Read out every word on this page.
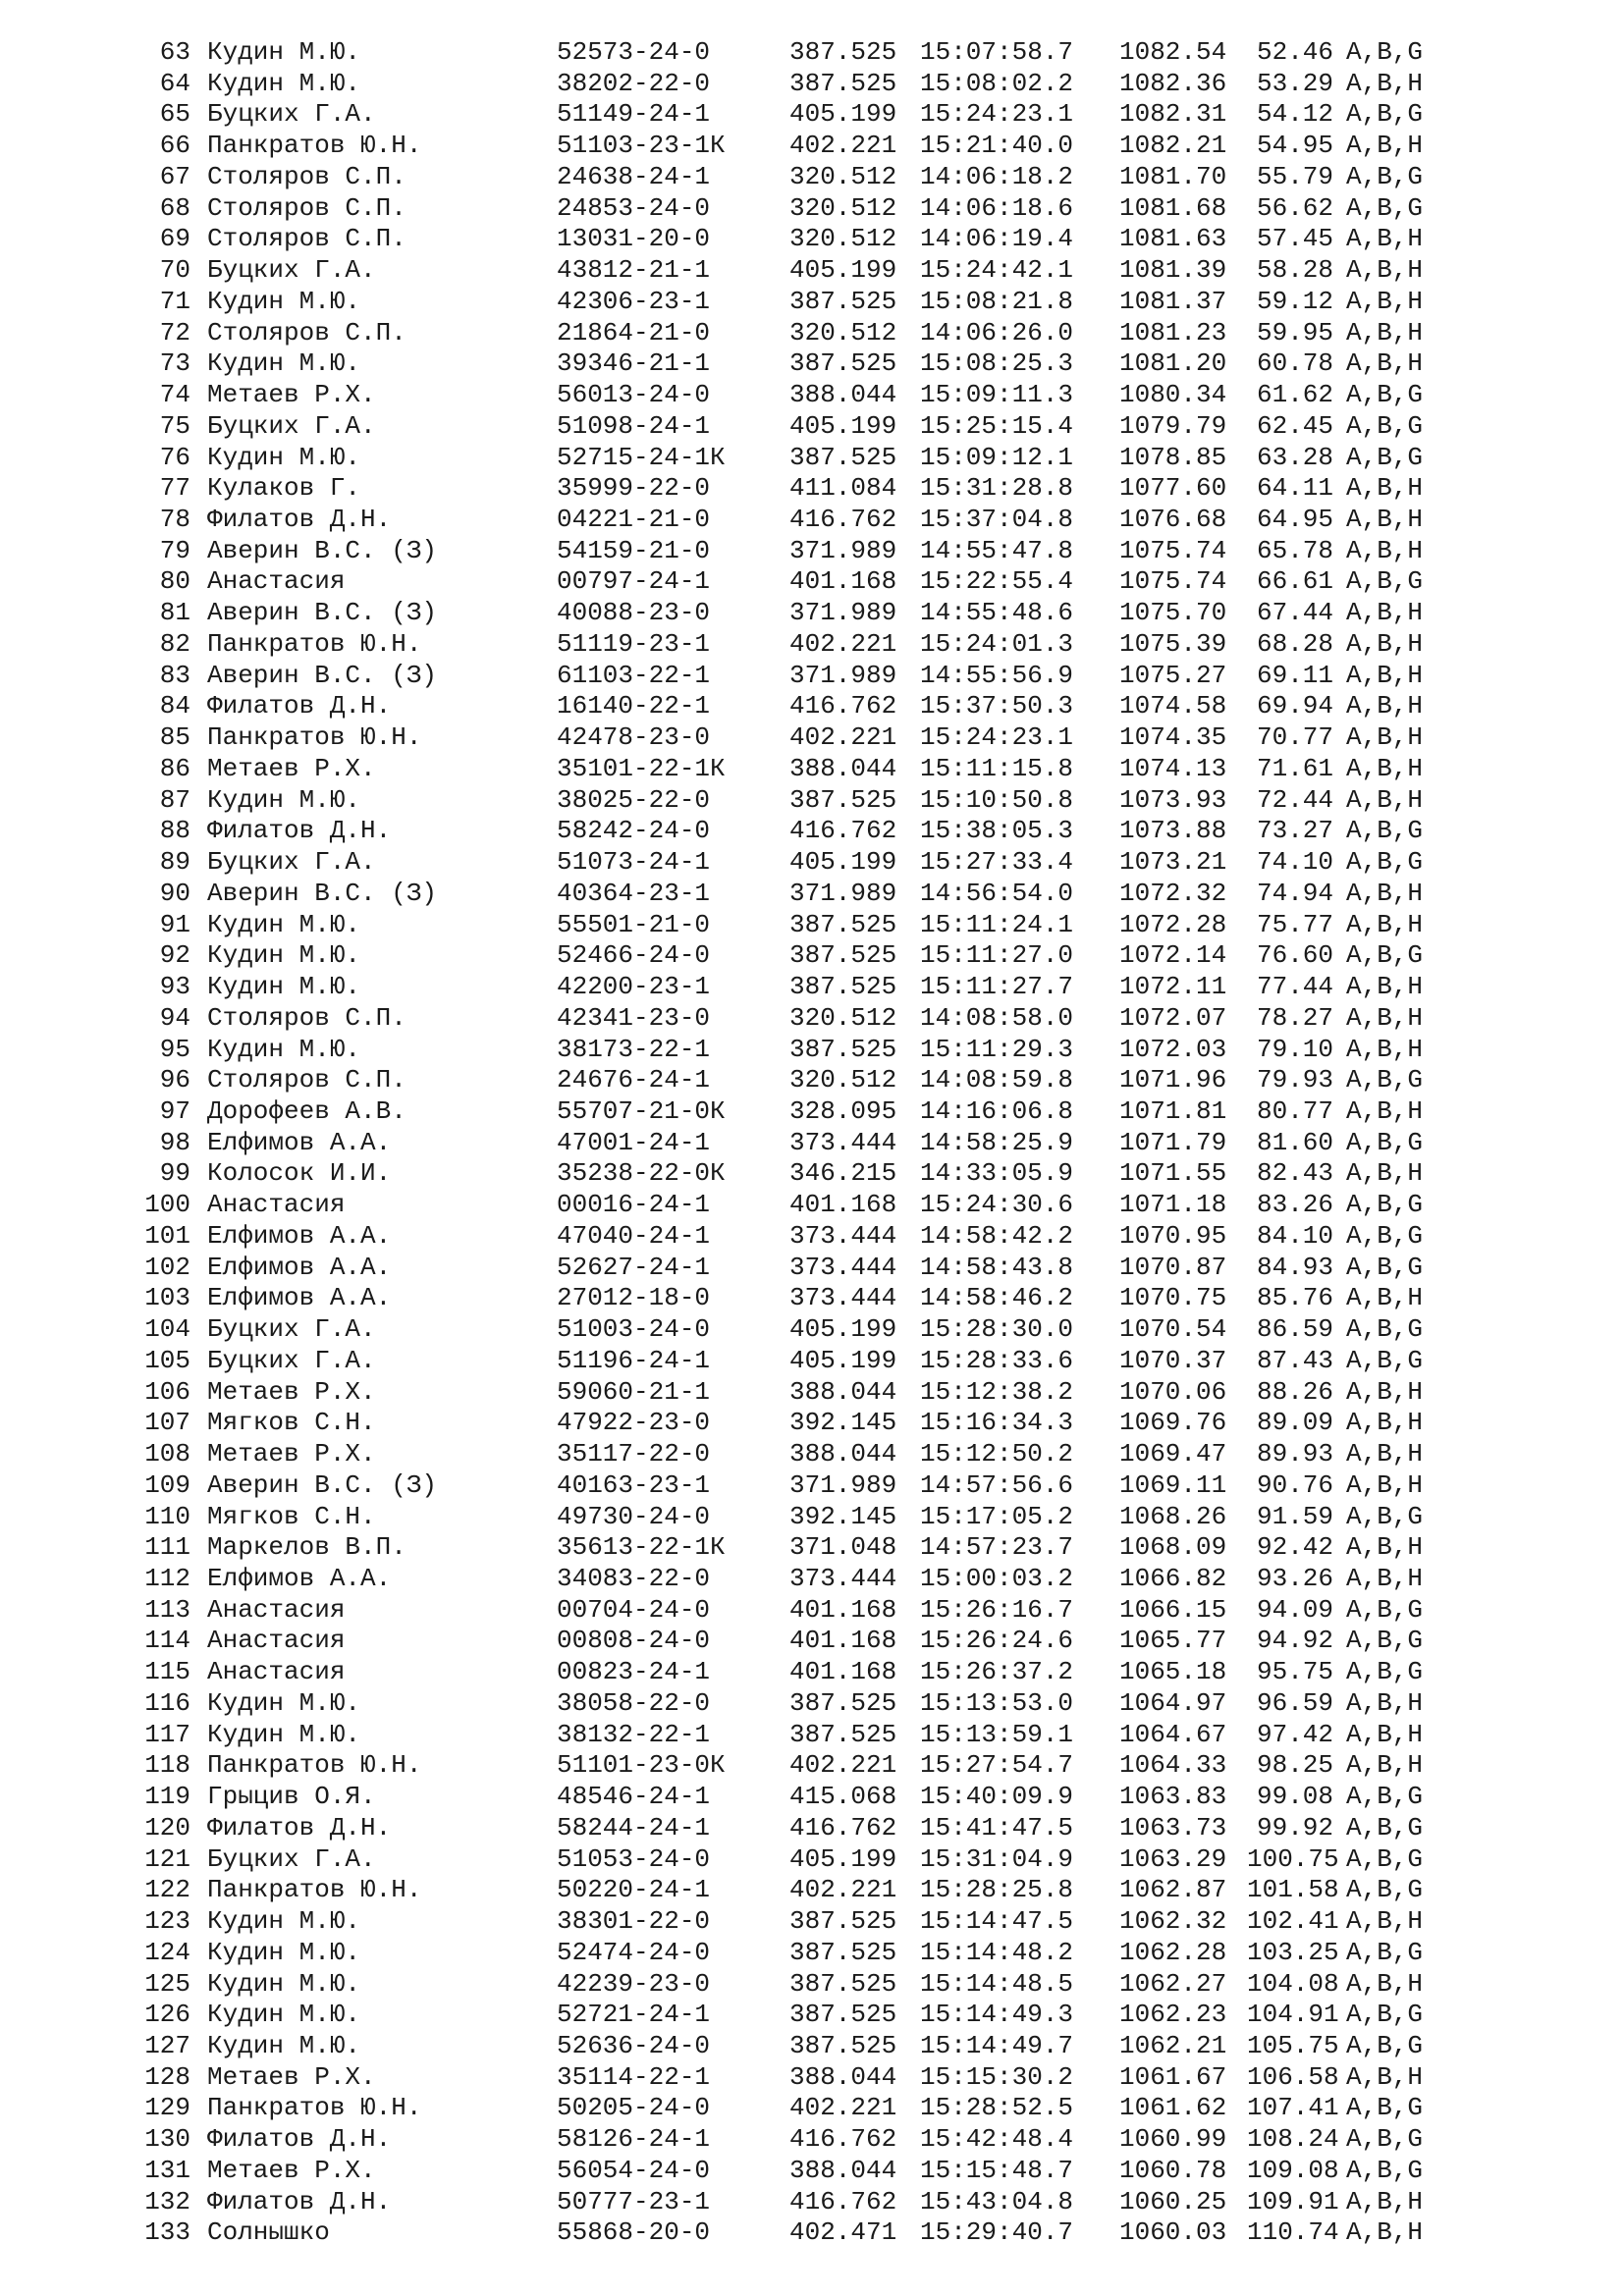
63 Кудин М.Ю.	52573-24-0	387.525 15:07:58.7 1082.54	52.46 A,B,G
64 Кудин М.Ю.	38202-22-0	387.525 15:08:02.2 1082.36	53.29 A,B,H
65 Буцких Г.А.	51149-24-1	405.199 15:24:23.1 1082.31	54.12 A,B,G
66 Панкратов Ю.Н.	51103-23-1К	402.221 15:21:40.0 1082.21	54.95 A,B,H
67 Столяров С.П.	24638-24-1	320.512 14:06:18.2 1081.70	55.79 A,B,G
68 Столяров С.П.	24853-24-0	320.512 14:06:18.6 1081.68	56.62 A,B,G
69 Столяров С.П.	13031-20-0	320.512 14:06:19.4 1081.63	57.45 A,B,H
70 Буцких Г.А.	43812-21-1	405.199 15:24:42.1 1081.39	58.28 A,B,H
71 Кудин М.Ю.	42306-23-1	387.525 15:08:21.8 1081.37	59.12 A,B,H
72 Столяров С.П.	21864-21-0	320.512 14:06:26.0 1081.23	59.95 A,B,H
73 Кудин М.Ю.	39346-21-1	387.525 15:08:25.3 1081.20	60.78 A,B,H
74 Метаев Р.Х.	56013-24-0	388.044 15:09:11.3 1080.34	61.62 A,B,G
75 Буцких Г.А.	51098-24-1	405.199 15:25:15.4 1079.79	62.45 A,B,G
76 Кудин М.Ю.	52715-24-1К	387.525 15:09:12.1 1078.85	63.28 A,B,G
77 Кулаков Г.	35999-22-0	411.084 15:31:28.8 1077.60	64.11 A,B,H
78 Филатов Д.Н.	04221-21-0	416.762 15:37:04.8 1076.68	64.95 A,B,H
79 Аверин В.С. (З)	54159-21-0	371.989 14:55:47.8 1075.74	65.78 A,B,H
80 Анастасия	00797-24-1	401.168 15:22:55.4 1075.74	66.61 A,B,G
81 Аверин В.С. (З)	40088-23-0	371.989 14:55:48.6 1075.70	67.44 A,B,H
82 Панкратов Ю.Н.	51119-23-1	402.221 15:24:01.3 1075.39	68.28 A,B,H
83 Аверин В.С. (З)	61103-22-1	371.989 14:55:56.9 1075.27	69.11 A,B,H
84 Филатов Д.Н.	16140-22-1	416.762 15:37:50.3 1074.58	69.94 A,B,H
85 Панкратов Ю.Н.	42478-23-0	402.221 15:24:23.1 1074.35	70.77 A,B,H
86 Метаев Р.Х.	35101-22-1К	388.044 15:11:15.8 1074.13	71.61 A,B,H
87 Кудин М.Ю.	38025-22-0	387.525 15:10:50.8 1073.93	72.44 A,B,H
88 Филатов Д.Н.	58242-24-0	416.762 15:38:05.3 1073.88	73.27 A,B,G
89 Буцких Г.А.	51073-24-1	405.199 15:27:33.4 1073.21	74.10 A,B,G
90 Аверин В.С. (З)	40364-23-1	371.989 14:56:54.0 1072.32	74.94 A,B,H
91 Кудин М.Ю.	55501-21-0	387.525 15:11:24.1 1072.28	75.77 A,B,H
92 Кудин М.Ю.	52466-24-0	387.525 15:11:27.0 1072.14	76.60 A,B,G
93 Кудин М.Ю.	42200-23-1	387.525 15:11:27.7 1072.11	77.44 A,B,H
94 Столяров С.П.	42341-23-0	320.512 14:08:58.0 1072.07	78.27 A,B,H
95 Кудин М.Ю.	38173-22-1	387.525 15:11:29.3 1072.03	79.10 A,B,H
96 Столяров С.П.	24676-24-1	320.512 14:08:59.8 1071.96	79.93 A,B,G
97 Дорофеев А.В.	55707-21-0К	328.095 14:16:06.8 1071.81	80.77 A,B,H
98 Елфимов А.А.	47001-24-1	373.444 14:58:25.9 1071.79	81.60 A,B,G
99 Колосок И.И.	35238-22-0К	346.215 14:33:05.9 1071.55	82.43 A,B,H
100 Анастасия	00016-24-1	401.168 15:24:30.6 1071.18	83.26 A,B,G
101 Елфимов А.А.	47040-24-1	373.444 14:58:42.2 1070.95	84.10 A,B,G
102 Елфимов А.А.	52627-24-1	373.444 14:58:43.8 1070.87	84.93 A,B,G
103 Елфимов А.А.	27012-18-0	373.444 14:58:46.2 1070.75	85.76 A,B,H
104 Буцких Г.А.	51003-24-0	405.199 15:28:30.0 1070.54	86.59 A,B,G
105 Буцких Г.А.	51196-24-1	405.199 15:28:33.6 1070.37	87.43 A,B,G
106 Метаев Р.Х.	59060-21-1	388.044 15:12:38.2 1070.06	88.26 A,B,H
107 Мягков С.Н.	47922-23-0	392.145 15:16:34.3 1069.76	89.09 A,B,H
108 Метаев Р.Х.	35117-22-0	388.044 15:12:50.2 1069.47	89.93 A,B,H
109 Аверин В.С. (З)	40163-23-1	371.989 14:57:56.6 1069.11	90.76 A,B,H
110 Мягков С.Н.	49730-24-0	392.145 15:17:05.2 1068.26	91.59 A,B,G
111 Маркелов В.П.	35613-22-1К	371.048 14:57:23.7 1068.09	92.42 A,B,H
112 Елфимов А.А.	34083-22-0	373.444 15:00:03.2 1066.82	93.26 A,B,H
113 Анастасия	00704-24-0	401.168 15:26:16.7 1066.15	94.09 A,B,G
114 Анастасия	00808-24-0	401.168 15:26:24.6 1065.77	94.92 A,B,G
115 Анастасия	00823-24-1	401.168 15:26:37.2 1065.18	95.75 A,B,G
116 Кудин М.Ю.	38058-22-0	387.525 15:13:53.0 1064.97	96.59 A,B,H
117 Кудин М.Ю.	38132-22-1	387.525 15:13:59.1 1064.67	97.42 A,B,H
118 Панкратов Ю.Н.	51101-23-0К	402.221 15:27:54.7 1064.33	98.25 A,B,H
119 Грыцив О.Я.	48546-24-1	415.068 15:40:09.9 1063.83	99.08 A,B,G
120 Филатов Д.Н.	58244-24-1	416.762 15:41:47.5 1063.73	99.92 A,B,G
121 Буцких Г.А.	51053-24-0	405.199 15:31:04.9 1063.29 100.75 A,B,G
122 Панкратов Ю.Н.	50220-24-1	402.221 15:28:25.8 1062.87 101.58 A,B,G
123 Кудин М.Ю.	38301-22-0	387.525 15:14:47.5 1062.32 102.41 A,B,H
124 Кудин М.Ю.	52474-24-0	387.525 15:14:48.2 1062.28 103.25 A,B,G
125 Кудин М.Ю.	42239-23-0	387.525 15:14:48.5 1062.27 104.08 A,B,H
126 Кудин М.Ю.	52721-24-1	387.525 15:14:49.3 1062.23 104.91 A,B,G
127 Кудин М.Ю.	52636-24-0	387.525 15:14:49.7 1062.21 105.75 A,B,G
128 Метаев Р.Х.	35114-22-1	388.044 15:15:30.2 1061.67 106.58 A,B,H
129 Панкратов Ю.Н.	50205-24-0	402.221 15:28:52.5 1061.62 107.41 A,B,G
130 Филатов Д.Н.	58126-24-1	416.762 15:42:48.4 1060.99 108.24 A,B,G
131 Метаев Р.Х.	56054-24-0	388.044 15:15:48.7 1060.78 109.08 A,B,G
132 Филатов Д.Н.	50777-23-1	416.762 15:43:04.8 1060.25 109.91 A,B,H
133 Солнышко	55868-20-0	402.471 15:29:40.7 1060.03 110.74 A,B,H
